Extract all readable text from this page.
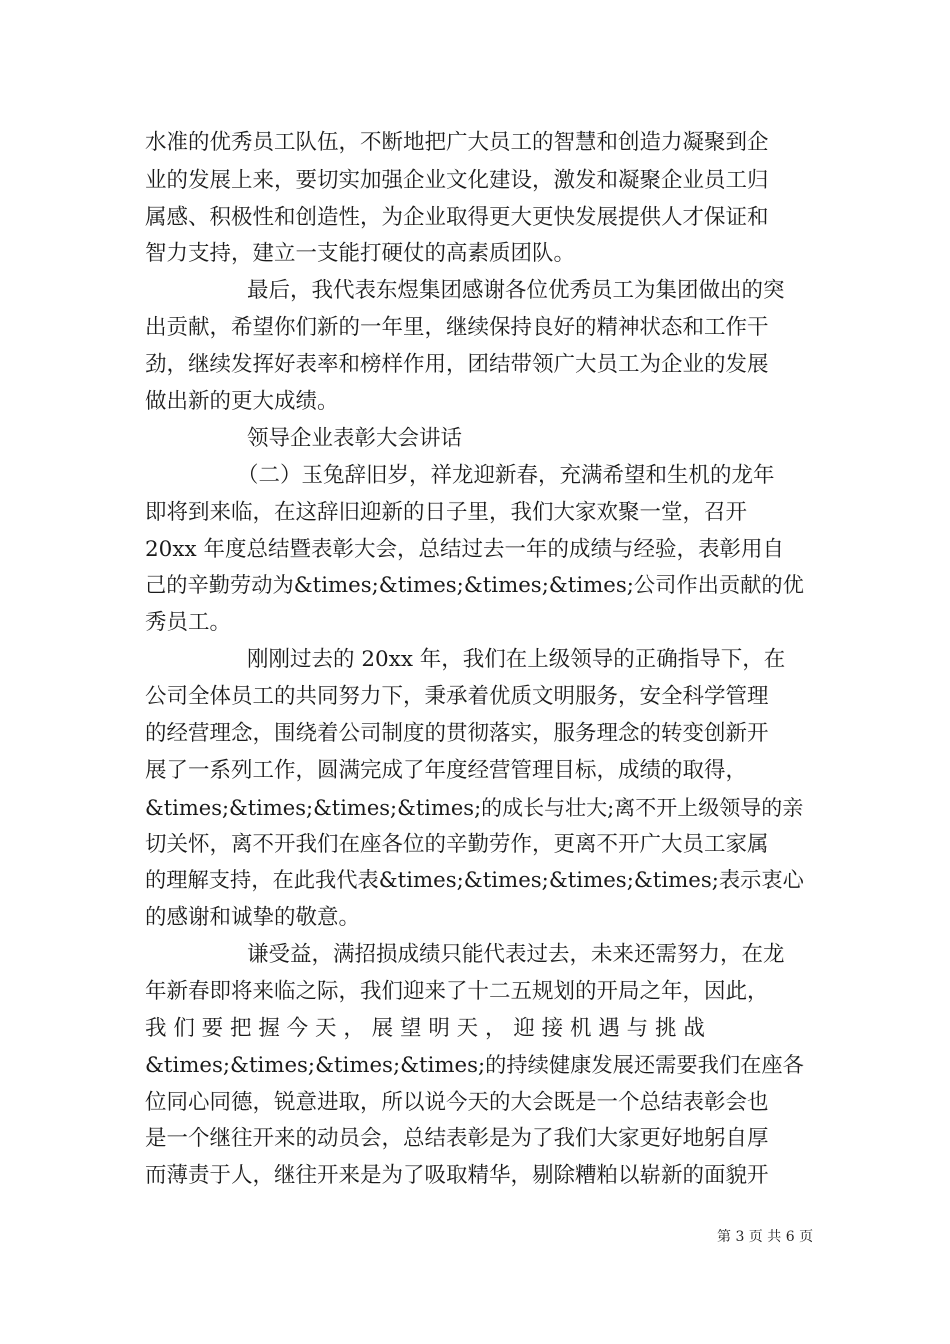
水准的优秀员工队伍，不断地把广大员工的智慧和创造力凝聚到企
业的发展上来，要切实加强企业文化建设，激发和凝聚企业员工归
属感、积极性和创造性，为企业取得更大更快发展提供人才保证和
智力支持，建立一支能打硬仗的高素质团队。
最后，我代表东煜集团感谢各位优秀员工为集团做出的突
出贡献，希望你们新的一年里，继续保持良好的精神状态和工作干
劲，继续发挥好表率和榜样作用，团结带领广大员工为企业的发展
做出新的更大成绩。
领导企业表彰大会讲话
（二）玉兔辞旧岁，祥龙迎新春，充满希望和生机的龙年
即将到来临，在这辞旧迎新的日子里，我们大家欢聚一堂，召开
20xx 年度总结暨表彰大会，总结过去一年的成绩与经验，表彰用自
己的辛勤劳动为&times;&times;&times;&times;公司作出贡献的优
秀员工。
刚刚过去的 20xx 年，我们在上级领导的正确指导下，在
公司全体员工的共同努力下，秉承着优质文明服务，安全科学管理
的经营理念，围绕着公司制度的贯彻落实，服务理念的转变创新开
展了一系列工作，圆满完成了年度经营管理目标，成绩的取得，
&times;&times;&times;&times;的成长与壮大;离不开上级领导的亲
切关怀，离不开我们在座各位的辛勤劳作，更离不开广大员工家属
的理解支持，在此我代表&times;&times;&times;&times;表示衷心
的感谢和诚挚的敬意。
谦受益，满招损成绩只能代表过去，未来还需努力，在龙
年新春即将来临之际，我们迎来了十二五规划的开局之年，因此，
我 们 要 把 握 今 天 ， 展 望 明 天 ， 迎 接 机 遇 与 挑 战
&times;&times;&times;&times;的持续健康发展还需要我们在座各
位同心同德，锐意进取，所以说今天的大会既是一个总结表彰会也
是一个继往开来的动员会，总结表彰是为了我们大家更好地躬自厚
而薄责于人，继往开来是为了吸取精华，剔除糟粕以崭新的面貌开
第 3 页 共 6 页
